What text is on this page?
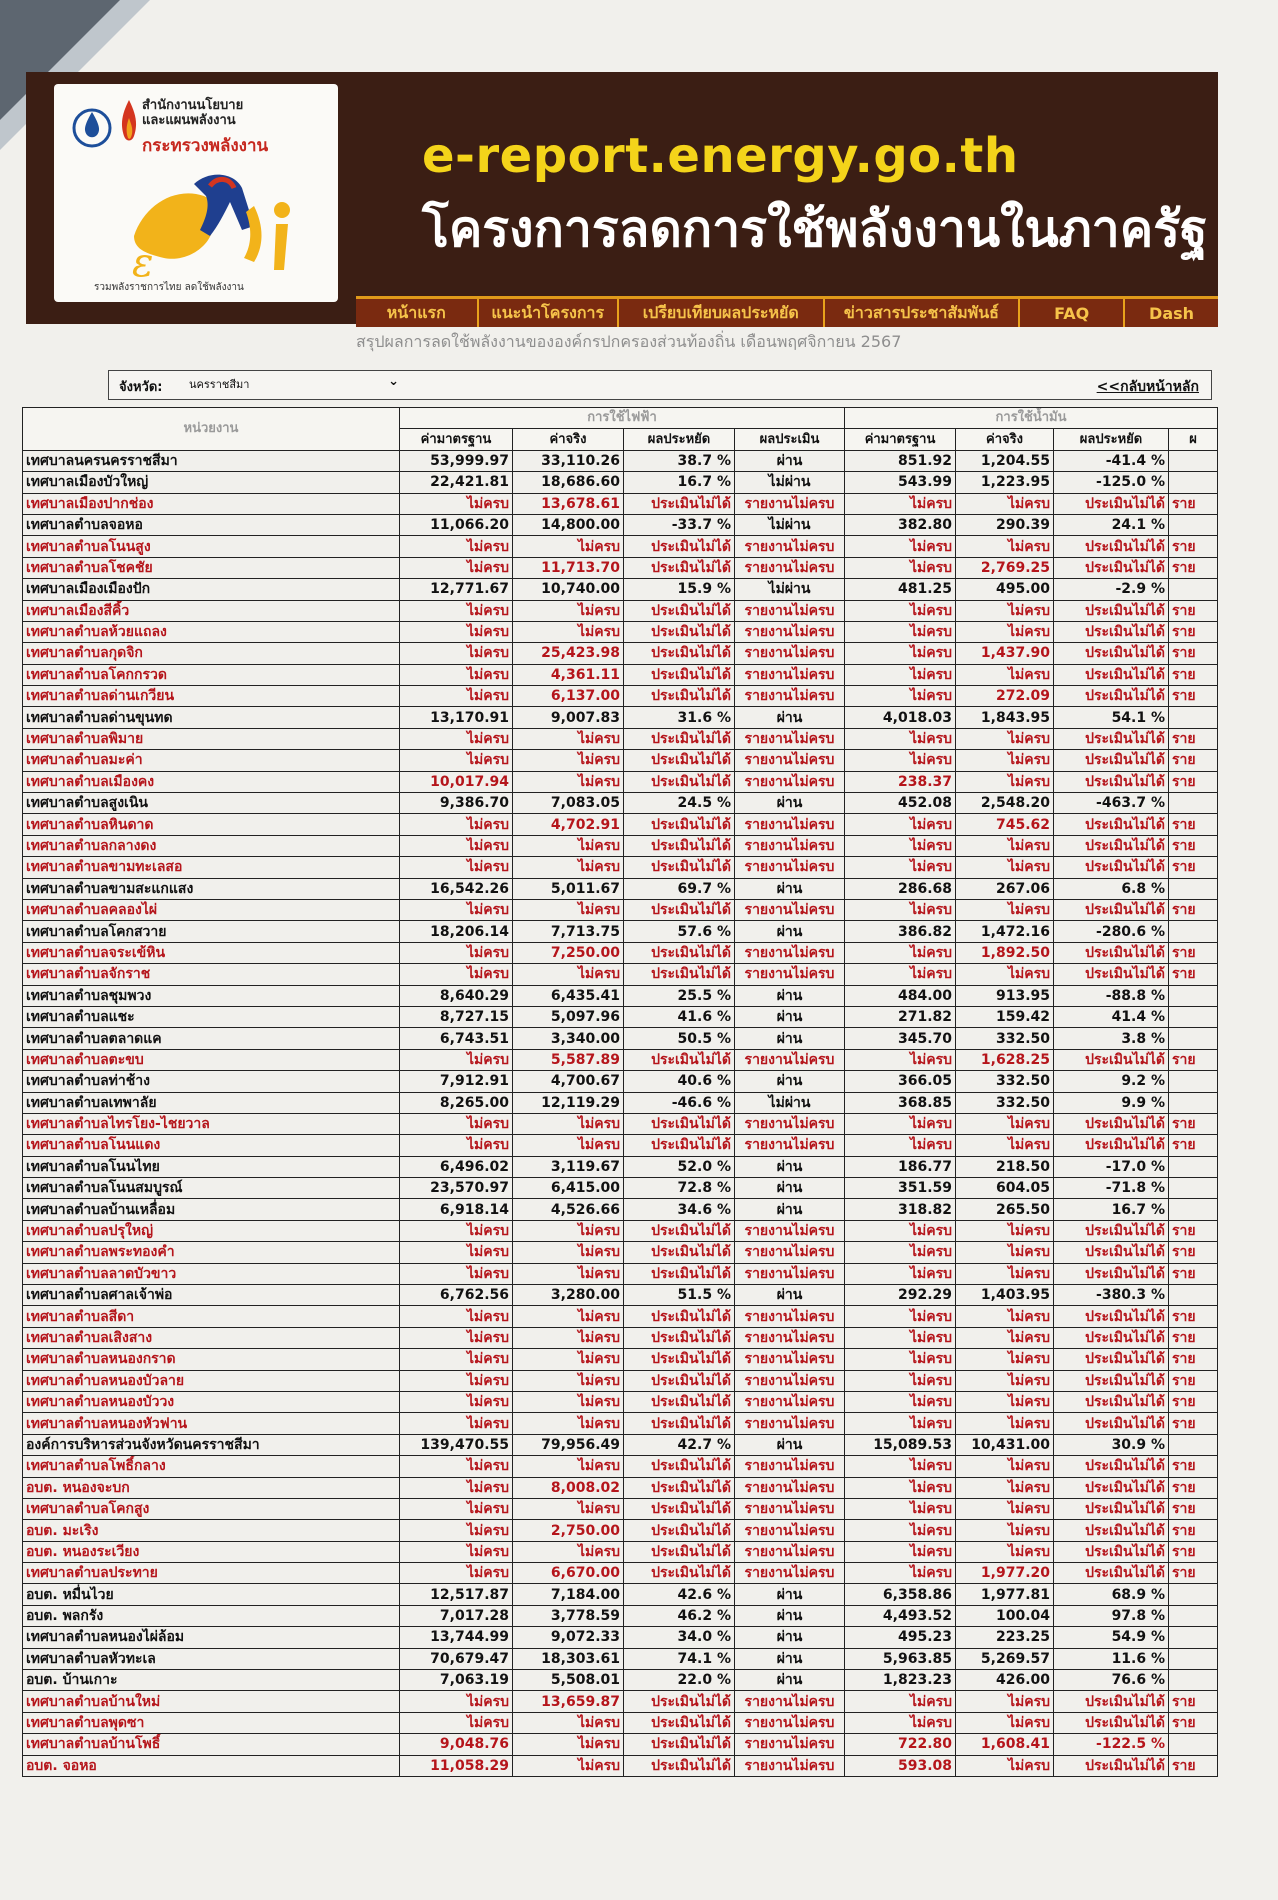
สำนักงานนโยบาย
และแผนพลังงาน
กระทรวงพลังงาน
ε
รวมพลังราชการไทย ลดใช้พลังงาน
e-report.energy.go.th
โครงการลดการใช้พลังงานในภาครัฐ
หน้าแรก	แนะนำโครงการ	เปรียบเทียบผลประหยัด	ข่าวสารประชาสัมพันธ์	FAQ	Dash
สรุปผลการลดใช้พลังงานขององค์กรปกครองส่วนท้องถิ่น เดือนพฤศจิกายน 2567
จังหวัด: นครราชสีมา	⌄	<<กลับหน้าหลัก
หน่วยงาน	การใช้ไฟฟ้า				การใช้น้ำมัน			
	ค่ามาตรฐาน	ค่าจริง	ผลประหยัด	ผลประเมิน	ค่ามาตรฐาน	ค่าจริง	ผลประหยัด	ผ
เทศบาลนครนครราชสีมา	53,999.97	33,110.26	38.7 %	ผ่าน	851.92	1,204.55	-41.4 %	
เทศบาลเมืองบัวใหญ่	22,421.81	18,686.60	16.7 %	ไม่ผ่าน	543.99	1,223.95	-125.0 %	
เทศบาลเมืองปากช่อง	ไม่ครบ	13,678.61	ประเมินไม่ได้	รายงานไม่ครบ	ไม่ครบ	ไม่ครบ	ประเมินไม่ได้	ราย
เทศบาลตำบลจอหอ	11,066.20	14,800.00	-33.7 %	ไม่ผ่าน	382.80	290.39	24.1 %	
เทศบาลตำบลโนนสูง	ไม่ครบ	ไม่ครบ	ประเมินไม่ได้	รายงานไม่ครบ	ไม่ครบ	ไม่ครบ	ประเมินไม่ได้	ราย
เทศบาลตำบลโชคชัย	ไม่ครบ	11,713.70	ประเมินไม่ได้	รายงานไม่ครบ	ไม่ครบ	2,769.25	ประเมินไม่ได้	ราย
เทศบาลเมืองเมืองปัก	12,771.67	10,740.00	15.9 %	ไม่ผ่าน	481.25	495.00	-2.9 %	
เทศบาลเมืองสีคิ้ว	ไม่ครบ	ไม่ครบ	ประเมินไม่ได้	รายงานไม่ครบ	ไม่ครบ	ไม่ครบ	ประเมินไม่ได้	ราย
เทศบาลตำบลห้วยแถลง	ไม่ครบ	ไม่ครบ	ประเมินไม่ได้	รายงานไม่ครบ	ไม่ครบ	ไม่ครบ	ประเมินไม่ได้	ราย
เทศบาลตำบลกุดจิก	ไม่ครบ	25,423.98	ประเมินไม่ได้	รายงานไม่ครบ	ไม่ครบ	1,437.90	ประเมินไม่ได้	ราย
เทศบาลตำบลโคกกรวด	ไม่ครบ	4,361.11	ประเมินไม่ได้	รายงานไม่ครบ	ไม่ครบ	ไม่ครบ	ประเมินไม่ได้	ราย
เทศบาลตำบลด่านเกวียน	ไม่ครบ	6,137.00	ประเมินไม่ได้	รายงานไม่ครบ	ไม่ครบ	272.09	ประเมินไม่ได้	ราย
เทศบาลตำบลด่านขุนทด	13,170.91	9,007.83	31.6 %	ผ่าน	4,018.03	1,843.95	54.1 %	
เทศบาลตำบลพิมาย	ไม่ครบ	ไม่ครบ	ประเมินไม่ได้	รายงานไม่ครบ	ไม่ครบ	ไม่ครบ	ประเมินไม่ได้	ราย
เทศบาลตำบลมะค่า	ไม่ครบ	ไม่ครบ	ประเมินไม่ได้	รายงานไม่ครบ	ไม่ครบ	ไม่ครบ	ประเมินไม่ได้	ราย
เทศบาลตำบลเมืองคง	10,017.94	ไม่ครบ	ประเมินไม่ได้	รายงานไม่ครบ	238.37	ไม่ครบ	ประเมินไม่ได้	ราย
เทศบาลตำบลสูงเนิน	9,386.70	7,083.05	24.5 %	ผ่าน	452.08	2,548.20	-463.7 %	
เทศบาลตำบลหินดาด	ไม่ครบ	4,702.91	ประเมินไม่ได้	รายงานไม่ครบ	ไม่ครบ	745.62	ประเมินไม่ได้	ราย
เทศบาลตำบลกลางดง	ไม่ครบ	ไม่ครบ	ประเมินไม่ได้	รายงานไม่ครบ	ไม่ครบ	ไม่ครบ	ประเมินไม่ได้	ราย
เทศบาลตำบลขามทะเลสอ	ไม่ครบ	ไม่ครบ	ประเมินไม่ได้	รายงานไม่ครบ	ไม่ครบ	ไม่ครบ	ประเมินไม่ได้	ราย
เทศบาลตำบลขามสะแกแสง	16,542.26	5,011.67	69.7 %	ผ่าน	286.68	267.06	6.8 %	
เทศบาลตำบลคลองไผ่	ไม่ครบ	ไม่ครบ	ประเมินไม่ได้	รายงานไม่ครบ	ไม่ครบ	ไม่ครบ	ประเมินไม่ได้	ราย
เทศบาลตำบลโคกสวาย	18,206.14	7,713.75	57.6 %	ผ่าน	386.82	1,472.16	-280.6 %	
เทศบาลตำบลจระเข้หิน	ไม่ครบ	7,250.00	ประเมินไม่ได้	รายงานไม่ครบ	ไม่ครบ	1,892.50	ประเมินไม่ได้	ราย
เทศบาลตำบลจักราช	ไม่ครบ	ไม่ครบ	ประเมินไม่ได้	รายงานไม่ครบ	ไม่ครบ	ไม่ครบ	ประเมินไม่ได้	ราย
เทศบาลตำบลชุมพวง	8,640.29	6,435.41	25.5 %	ผ่าน	484.00	913.95	-88.8 %	
เทศบาลตำบลแชะ	8,727.15	5,097.96	41.6 %	ผ่าน	271.82	159.42	41.4 %	
เทศบาลตำบลตลาดแค	6,743.51	3,340.00	50.5 %	ผ่าน	345.70	332.50	3.8 %	
เทศบาลตำบลตะขบ	ไม่ครบ	5,587.89	ประเมินไม่ได้	รายงานไม่ครบ	ไม่ครบ	1,628.25	ประเมินไม่ได้	ราย
เทศบาลตำบลท่าช้าง	7,912.91	4,700.67	40.6 %	ผ่าน	366.05	332.50	9.2 %	
เทศบาลตำบลเทพาลัย	8,265.00	12,119.29	-46.6 %	ไม่ผ่าน	368.85	332.50	9.9 %	
เทศบาลตำบลไทรโยง-ไชยวาล	ไม่ครบ	ไม่ครบ	ประเมินไม่ได้	รายงานไม่ครบ	ไม่ครบ	ไม่ครบ	ประเมินไม่ได้	ราย
เทศบาลตำบลโนนแดง	ไม่ครบ	ไม่ครบ	ประเมินไม่ได้	รายงานไม่ครบ	ไม่ครบ	ไม่ครบ	ประเมินไม่ได้	ราย
เทศบาลตำบลโนนไทย	6,496.02	3,119.67	52.0 %	ผ่าน	186.77	218.50	-17.0 %	
เทศบาลตำบลโนนสมบูรณ์	23,570.97	6,415.00	72.8 %	ผ่าน	351.59	604.05	-71.8 %	
เทศบาลตำบลบ้านเหลื่อม	6,918.14	4,526.66	34.6 %	ผ่าน	318.82	265.50	16.7 %	
เทศบาลตำบลปรุใหญ่	ไม่ครบ	ไม่ครบ	ประเมินไม่ได้	รายงานไม่ครบ	ไม่ครบ	ไม่ครบ	ประเมินไม่ได้	ราย
เทศบาลตำบลพระทองคำ	ไม่ครบ	ไม่ครบ	ประเมินไม่ได้	รายงานไม่ครบ	ไม่ครบ	ไม่ครบ	ประเมินไม่ได้	ราย
เทศบาลตำบลลาดบัวขาว	ไม่ครบ	ไม่ครบ	ประเมินไม่ได้	รายงานไม่ครบ	ไม่ครบ	ไม่ครบ	ประเมินไม่ได้	ราย
เทศบาลตำบลศาลเจ้าพ่อ	6,762.56	3,280.00	51.5 %	ผ่าน	292.29	1,403.95	-380.3 %	
เทศบาลตำบลสีดา	ไม่ครบ	ไม่ครบ	ประเมินไม่ได้	รายงานไม่ครบ	ไม่ครบ	ไม่ครบ	ประเมินไม่ได้	ราย
เทศบาลตำบลเสิงสาง	ไม่ครบ	ไม่ครบ	ประเมินไม่ได้	รายงานไม่ครบ	ไม่ครบ	ไม่ครบ	ประเมินไม่ได้	ราย
เทศบาลตำบลหนองกราด	ไม่ครบ	ไม่ครบ	ประเมินไม่ได้	รายงานไม่ครบ	ไม่ครบ	ไม่ครบ	ประเมินไม่ได้	ราย
เทศบาลตำบลหนองบัวลาย	ไม่ครบ	ไม่ครบ	ประเมินไม่ได้	รายงานไม่ครบ	ไม่ครบ	ไม่ครบ	ประเมินไม่ได้	ราย
เทศบาลตำบลหนองบัววง	ไม่ครบ	ไม่ครบ	ประเมินไม่ได้	รายงานไม่ครบ	ไม่ครบ	ไม่ครบ	ประเมินไม่ได้	ราย
เทศบาลตำบลหนองหัวฟาน	ไม่ครบ	ไม่ครบ	ประเมินไม่ได้	รายงานไม่ครบ	ไม่ครบ	ไม่ครบ	ประเมินไม่ได้	ราย
องค์การบริหารส่วนจังหวัดนครราชสีมา	139,470.55	79,956.49	42.7 %	ผ่าน	15,089.53	10,431.00	30.9 %	
เทศบาลตำบลโพธิ์กลาง	ไม่ครบ	ไม่ครบ	ประเมินไม่ได้	รายงานไม่ครบ	ไม่ครบ	ไม่ครบ	ประเมินไม่ได้	ราย
อบต. หนองจะบก	ไม่ครบ	8,008.02	ประเมินไม่ได้	รายงานไม่ครบ	ไม่ครบ	ไม่ครบ	ประเมินไม่ได้	ราย
เทศบาลตำบลโคกสูง	ไม่ครบ	ไม่ครบ	ประเมินไม่ได้	รายงานไม่ครบ	ไม่ครบ	ไม่ครบ	ประเมินไม่ได้	ราย
อบต. มะเริง	ไม่ครบ	2,750.00	ประเมินไม่ได้	รายงานไม่ครบ	ไม่ครบ	ไม่ครบ	ประเมินไม่ได้	ราย
อบต. หนองระเวียง	ไม่ครบ	ไม่ครบ	ประเมินไม่ได้	รายงานไม่ครบ	ไม่ครบ	ไม่ครบ	ประเมินไม่ได้	ราย
เทศบาลตำบลประทาย	ไม่ครบ	6,670.00	ประเมินไม่ได้	รายงานไม่ครบ	ไม่ครบ	1,977.20	ประเมินไม่ได้	ราย
อบต. หมื่นไวย	12,517.87	7,184.00	42.6 %	ผ่าน	6,358.86	1,977.81	68.9 %	
อบต. พลกรัง	7,017.28	3,778.59	46.2 %	ผ่าน	4,493.52	100.04	97.8 %	
เทศบาลตำบลหนองไผ่ล้อม	13,744.99	9,072.33	34.0 %	ผ่าน	495.23	223.25	54.9 %	
เทศบาลตำบลหัวทะเล	70,679.47	18,303.61	74.1 %	ผ่าน	5,963.85	5,269.57	11.6 %	
อบต. บ้านเกาะ	7,063.19	5,508.01	22.0 %	ผ่าน	1,823.23	426.00	76.6 %	
เทศบาลตำบลบ้านใหม่	ไม่ครบ	13,659.87	ประเมินไม่ได้	รายงานไม่ครบ	ไม่ครบ	ไม่ครบ	ประเมินไม่ได้	ราย
เทศบาลตำบลพุดซา	ไม่ครบ	ไม่ครบ	ประเมินไม่ได้	รายงานไม่ครบ	ไม่ครบ	ไม่ครบ	ประเมินไม่ได้	ราย
เทศบาลตำบลบ้านโพธิ์	9,048.76	ไม่ครบ	ประเมินไม่ได้	รายงานไม่ครบ	722.80	1,608.41	-122.5 %	
อบต. จอหอ	11,058.29	ไม่ครบ	ประเมินไม่ได้	รายงานไม่ครบ	593.08	ไม่ครบ	ประเมินไม่ได้	ราย
